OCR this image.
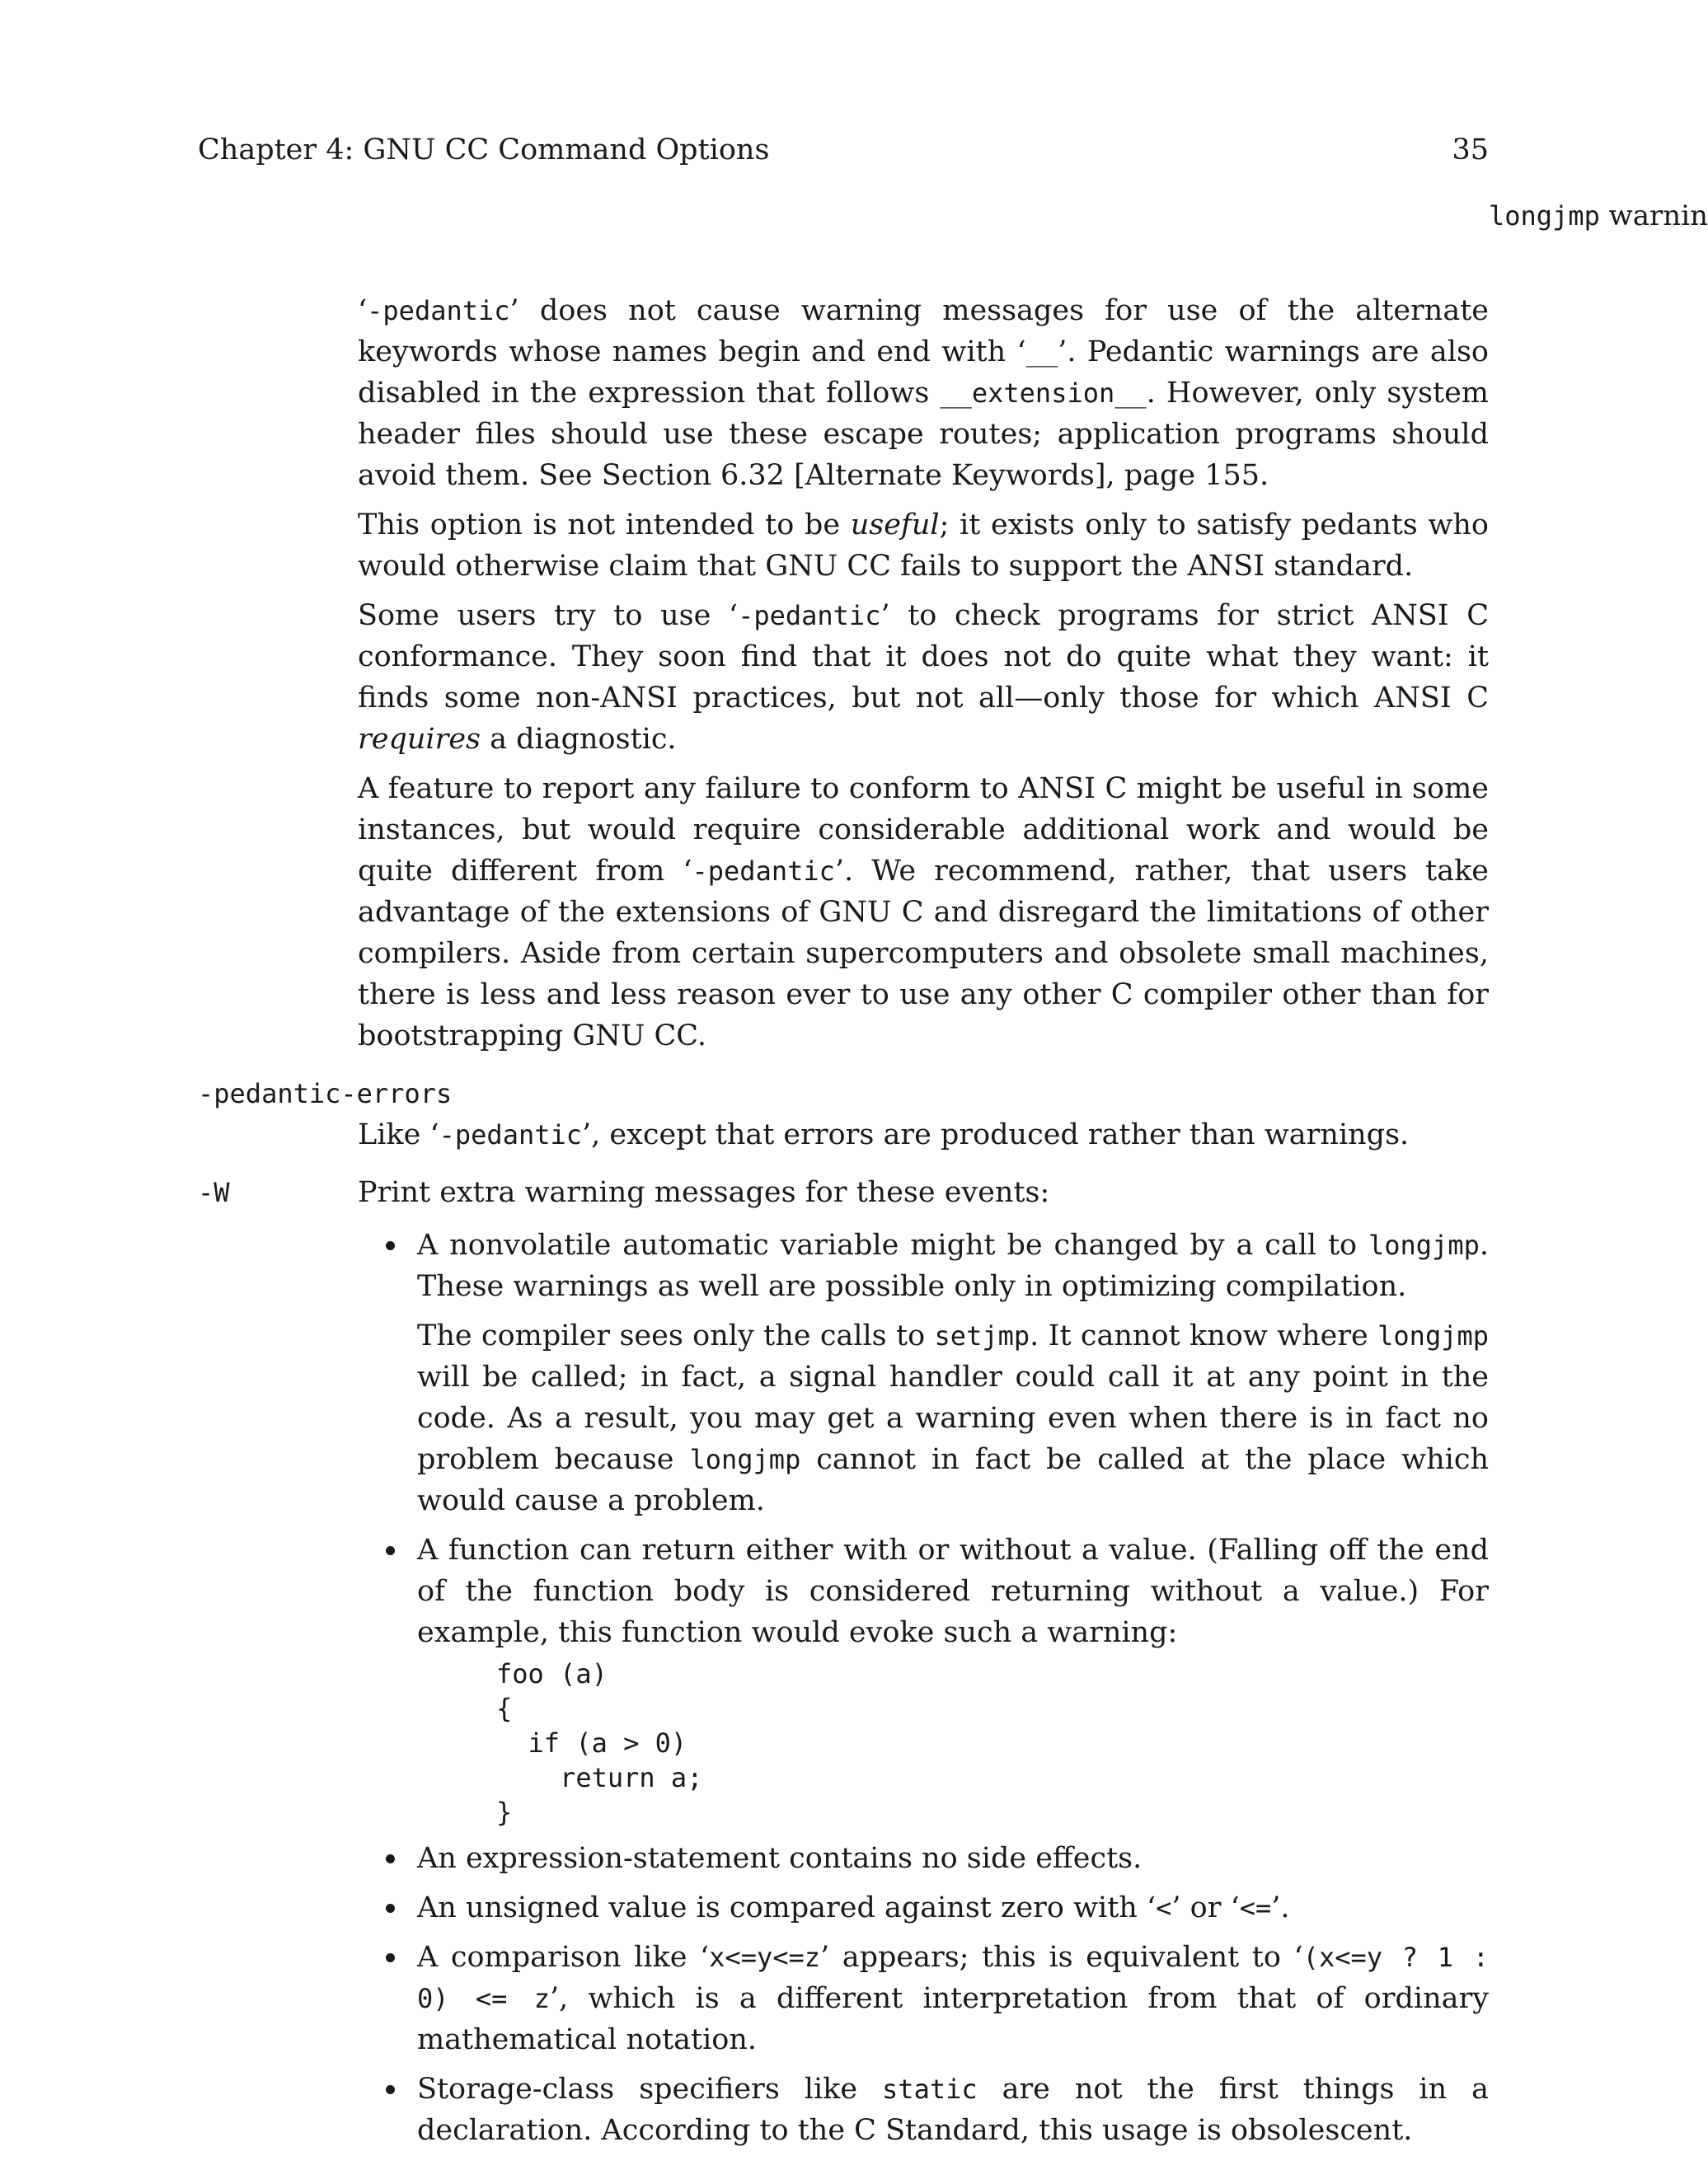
Chapter 4: GNU CC Command Options	35
longjmp warnin

‘-pedantic’ does not cause warning messages for use of the alternate keywords whose names begin and end with ‘__’. Pedantic warnings are also disabled in the expression that follows __extension__. However, only system header files should use these escape routes; application programs should avoid them. See Section 6.32 [Alternate Keywords], page 155.

This option is not intended to be useful; it exists only to satisfy pedants who would otherwise claim that GNU CC fails to support the ANSI standard.

Some users try to use ‘-pedantic’ to check programs for strict ANSI C conformance. They soon find that it does not do quite what they want: it finds some non-ANSI practices, but not all—only those for which ANSI C requires a diagnostic.

A feature to report any failure to conform to ANSI C might be useful in some instances, but would require considerable additional work and would be quite different from ‘-pedantic’. We recommend, rather, that users take advantage of the extensions of GNU C and disregard the limitations of other compilers. Aside from certain supercomputers and obsolete small machines, there is less and less reason ever to use any other C compiler other than for bootstrapping GNU CC.

-pedantic-errors

Like ‘-pedantic’, except that errors are produced rather than warnings.

-W	Print extra warning messages for these events:

A nonvolatile automatic variable might be changed by a call to longjmp. These warnings as well are possible only in optimizing compilation.

The compiler sees only the calls to setjmp. It cannot know where longjmp will be called; in fact, a signal handler could call it at any point in the code. As a result, you may get a warning even when there is in fact no problem because longjmp cannot in fact be called at the place which would cause a problem.

A function can return either with or without a value. (Falling off the end of the function body is considered returning without a value.) For example, this function would evoke such a warning:

foo (a)
{
if (a > 0)
return a;
}

An expression-statement contains no side effects.

An unsigned value is compared against zero with ‘<’ or ‘<=’.

A comparison like ‘x<=y<=z’ appears; this is equivalent to ‘(x<=y ? 1 : 0) <= z’, which is a different interpretation from that of ordinary mathematical notation.

Storage-class specifiers like static are not the first things in a declaration. According to the C Standard, this usage is obsolescent.
